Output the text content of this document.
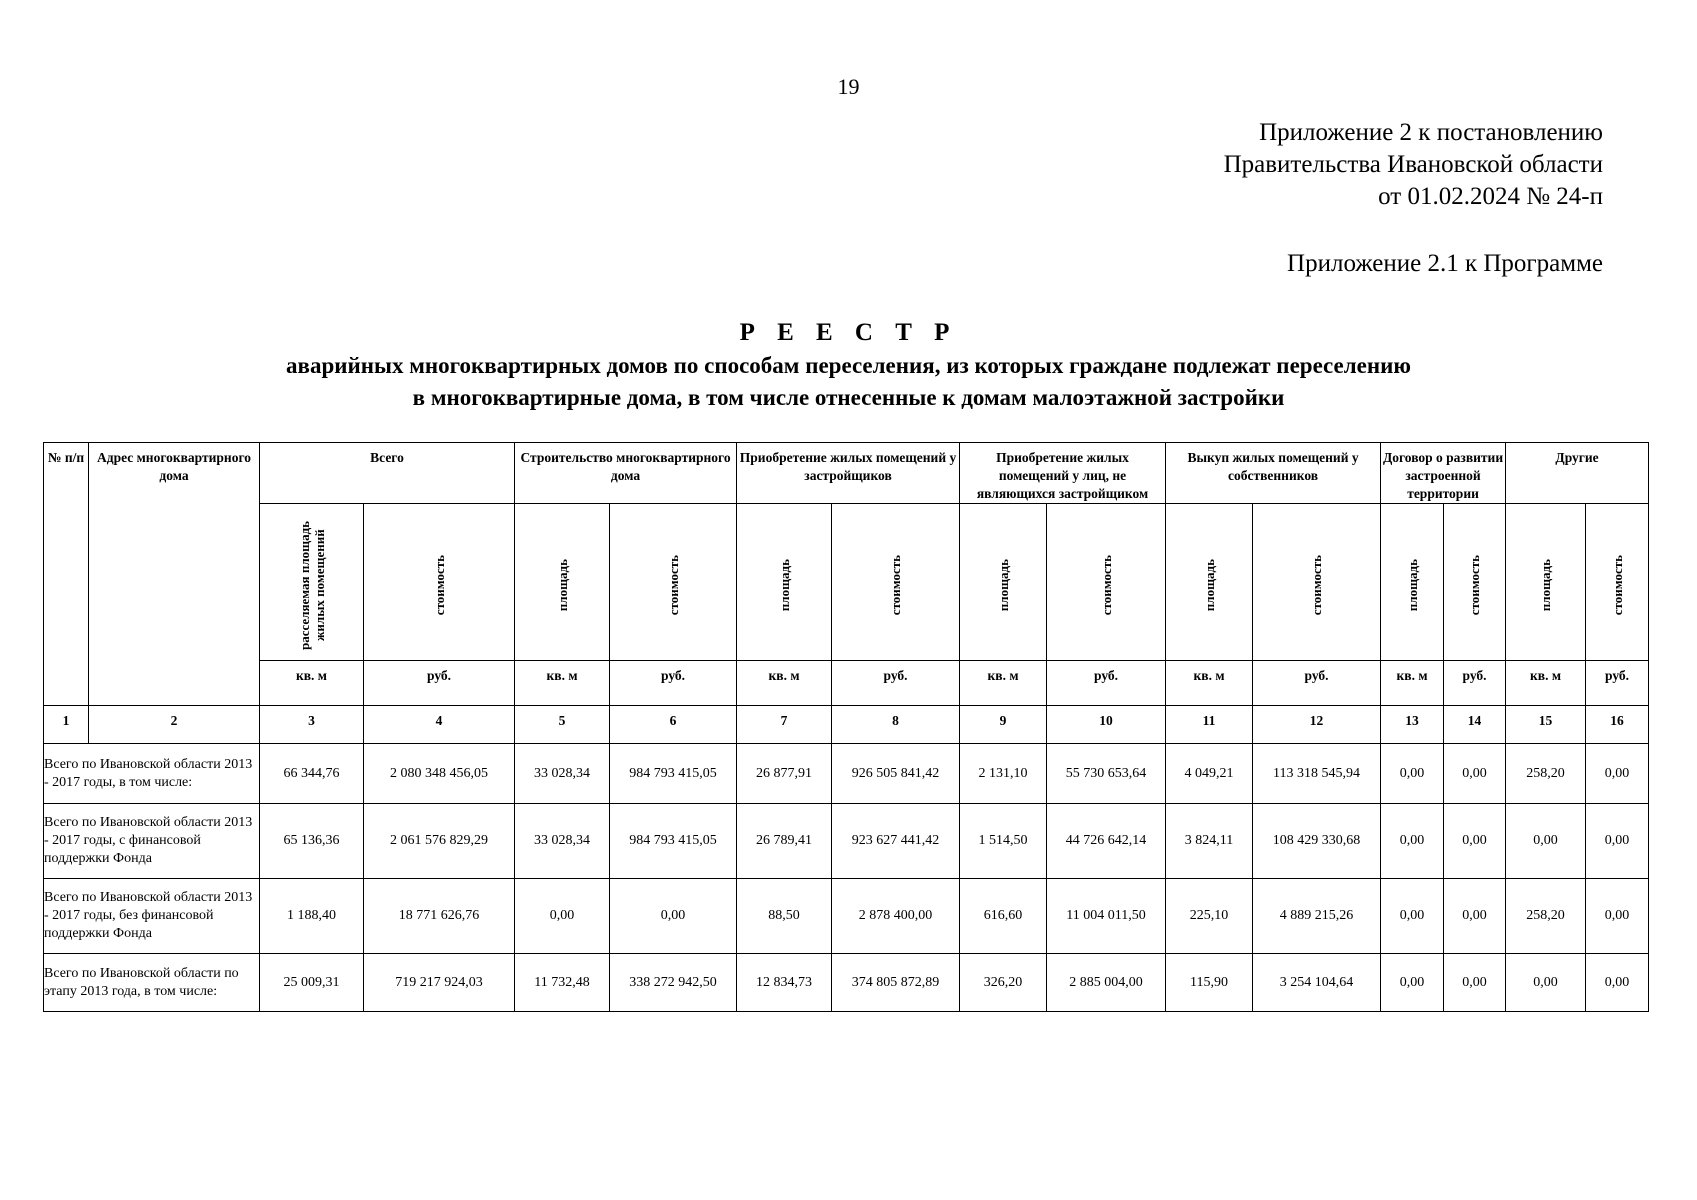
19
Приложение 2 к постановлению
Правительства Ивановской области
от 01.02.2024 № 24-п
Приложение 2.1 к Программе
Р Е Е С Т Р
аварийных многоквартирных домов по способам переселения, из которых граждане подлежат переселению
в многоквартирные дома, в том числе отнесенные к домам малоэтажной застройки
№ п/п	Адрес многоквартирного дома	Всего		Строительство многоквартирного дома		Приобретение жилых помещений у застройщиков		Приобретение жилых помещений у лиц, не являющихся застройщиком		Выкуп жилых помещений у собственников		Договор о развитии застроенной территории		Другие	

		расселяемая площадь жилых помещений	стоимость	площадь	стоимость	площадь	стоимость	площадь	стоимость	площадь	стоимость	площадь	стоимость	площадь	стоимость

		кв. м	руб.	кв. м	руб.	кв. м	руб.	кв. м	руб.	кв. м	руб.	кв. м	руб.	кв. м	руб.
1	2	3	4	5	6	7	8	9	10	11	12	13	14	15	16
Всего по Ивановской области 2013 - 2017 годы, в том числе:		66 344,76	2 080 348 456,05	33 028,34	984 793 415,05	26 877,91	926 505 841,42	2 131,10	55 730 653,64	4 049,21	113 318 545,94	0,00	0,00	258,20	0,00
Всего по Ивановской области 2013 - 2017 годы, с финансовой поддержки Фонда		65 136,36	2 061 576 829,29	33 028,34	984 793 415,05	26 789,41	923 627 441,42	1 514,50	44 726 642,14	3 824,11	108 429 330,68	0,00	0,00	0,00	0,00
Всего по Ивановской области 2013 - 2017 годы, без финансовой поддержки Фонда		1 188,40	18 771 626,76	0,00	0,00	88,50	2 878 400,00	616,60	11 004 011,50	225,10	4 889 215,26	0,00	0,00	258,20	0,00
Всего по Ивановской области по этапу 2013 года, в том числе:		25 009,31	719 217 924,03	11 732,48	338 272 942,50	12 834,73	374 805 872,89	326,20	2 885 004,00	115,90	3 254 104,64	0,00	0,00	0,00	0,00
